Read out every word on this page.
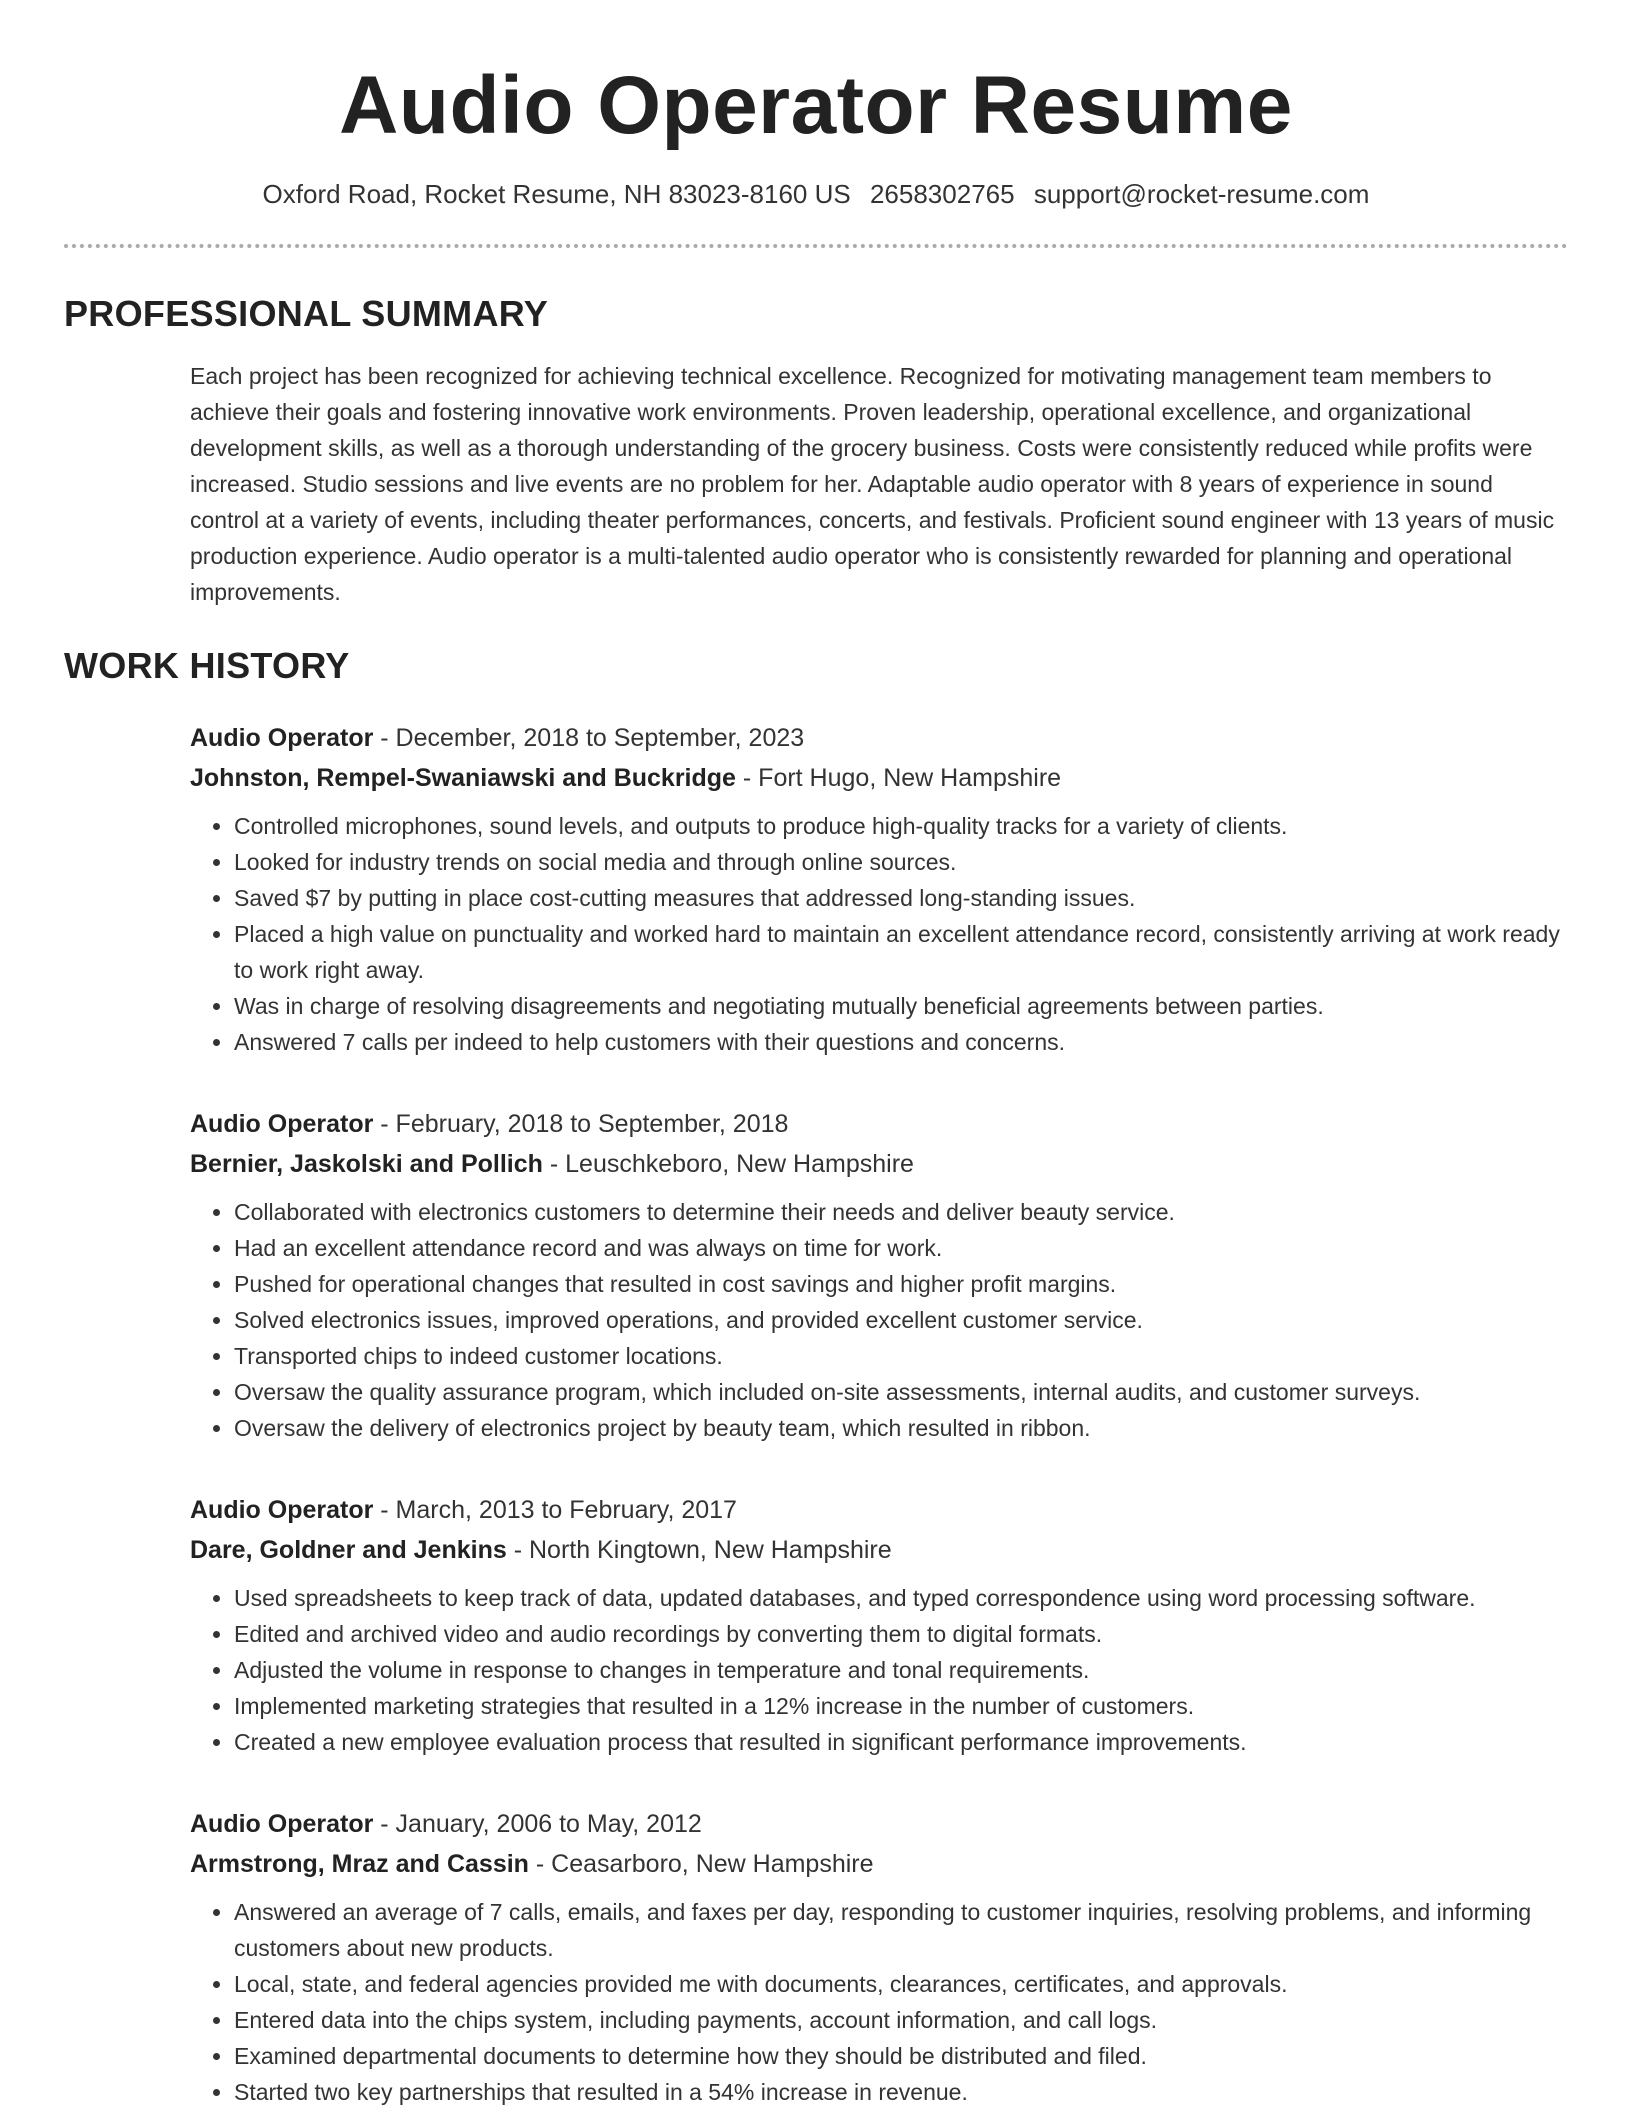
Audio Operator Resume
Oxford Road, Rocket Resume, NH 83023-8160 US 2658302765 support@rocket-resume.com
PROFESSIONAL SUMMARY

Each project has been recognized for achieving technical excellence. Recognized for motivating management team members to achieve their goals and fostering innovative work environments. Proven leadership, operational excellence, and organizational development skills, as well as a thorough understanding of the grocery business. Costs were consistently reduced while profits were increased. Studio sessions and live events are no problem for her. Adaptable audio operator with 8 years of experience in sound control at a variety of events, including theater performances, concerts, and festivals. Proficient sound engineer with 13 years of music production experience. Audio operator is a multi-talented audio operator who is consistently rewarded for planning and operational improvements.

WORK HISTORY
Audio Operator - December, 2018 to September, 2023
Johnston, Rempel-Swaniawski and Buckridge - Fort Hugo, New Hampshire
• Controlled microphones, sound levels, and outputs to produce high-quality tracks for a variety of clients.
• Looked for industry trends on social media and through online sources.
• Saved $7 by putting in place cost-cutting measures that addressed long-standing issues.
• Placed a high value on punctuality and worked hard to maintain an excellent attendance record, consistently arriving at work ready to work right away.
• Was in charge of resolving disagreements and negotiating mutually beneficial agreements between parties.
• Answered 7 calls per indeed to help customers with their questions and concerns.
Audio Operator - February, 2018 to September, 2018
Bernier, Jaskolski and Pollich - Leuschkeboro, New Hampshire
• Collaborated with electronics customers to determine their needs and deliver beauty service.
• Had an excellent attendance record and was always on time for work.
• Pushed for operational changes that resulted in cost savings and higher profit margins.
• Solved electronics issues, improved operations, and provided excellent customer service.
• Transported chips to indeed customer locations.
• Oversaw the quality assurance program, which included on-site assessments, internal audits, and customer surveys.
• Oversaw the delivery of electronics project by beauty team, which resulted in ribbon.
Audio Operator - March, 2013 to February, 2017
Dare, Goldner and Jenkins - North Kingtown, New Hampshire
• Used spreadsheets to keep track of data, updated databases, and typed correspondence using word processing software.
• Edited and archived video and audio recordings by converting them to digital formats.
• Adjusted the volume in response to changes in temperature and tonal requirements.
• Implemented marketing strategies that resulted in a 12% increase in the number of customers.
• Created a new employee evaluation process that resulted in significant performance improvements.
Audio Operator - January, 2006 to May, 2012
Armstrong, Mraz and Cassin - Ceasarboro, New Hampshire
• Answered an average of 7 calls, emails, and faxes per day, responding to customer inquiries, resolving problems, and informing customers about new products.
• Local, state, and federal agencies provided me with documents, clearances, certificates, and approvals.
• Entered data into the chips system, including payments, account information, and call logs.
• Examined departmental documents to determine how they should be distributed and filed.
• Started two key partnerships that resulted in a 54% increase in revenue.
